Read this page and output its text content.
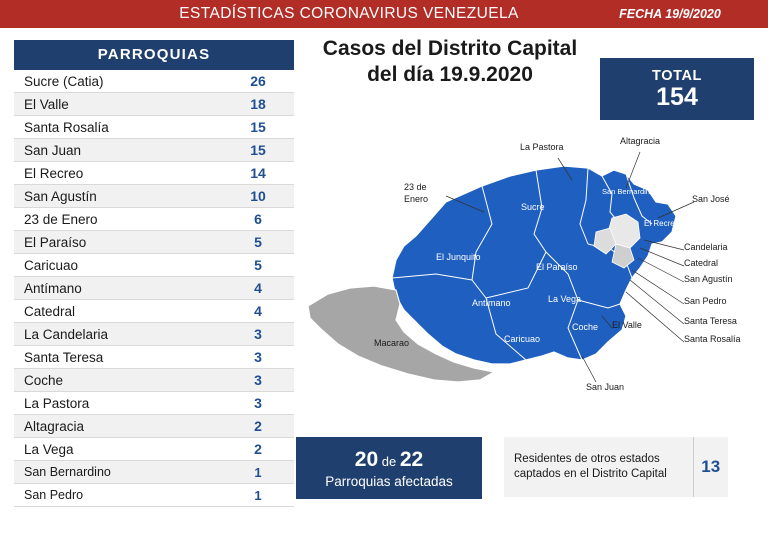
ESTADÍSTICAS CORONAVIRUS VENEZUELA	FECHA 19/9/2020
PARROQUIAS
Sucre (Catia)	26
El Valle	18
Santa Rosalía	15
San Juan	15
El Recreo	14
San Agustín	10
23 de Enero	6
El Paraíso	5
Caricuao	5
Antímano	4
Catedral	4
La Candelaria	3
Santa Teresa	3
Coche	3
La Pastora	3
Altagracia	2
La Vega	2
San Bernardino	1
San Pedro	1
Casos del Distrito Capital
del día 19.9.2020	TOTAL
154
Sucre
El Junquito
El Paraíso
Antímano	La Vega
Caricuao
Coche
San Bernardino
El Recreo
Macarao
La Pastora
Altagracia
23 de
Enero	San José
Candelaria
Catedral
San Agustín
San Pedro
Santa Teresa
Santa Rosalía
El Valle
San Juan
20 de 22
Parroquias afectadas
Residentes de otros estados captados en el Distrito Capital	13
